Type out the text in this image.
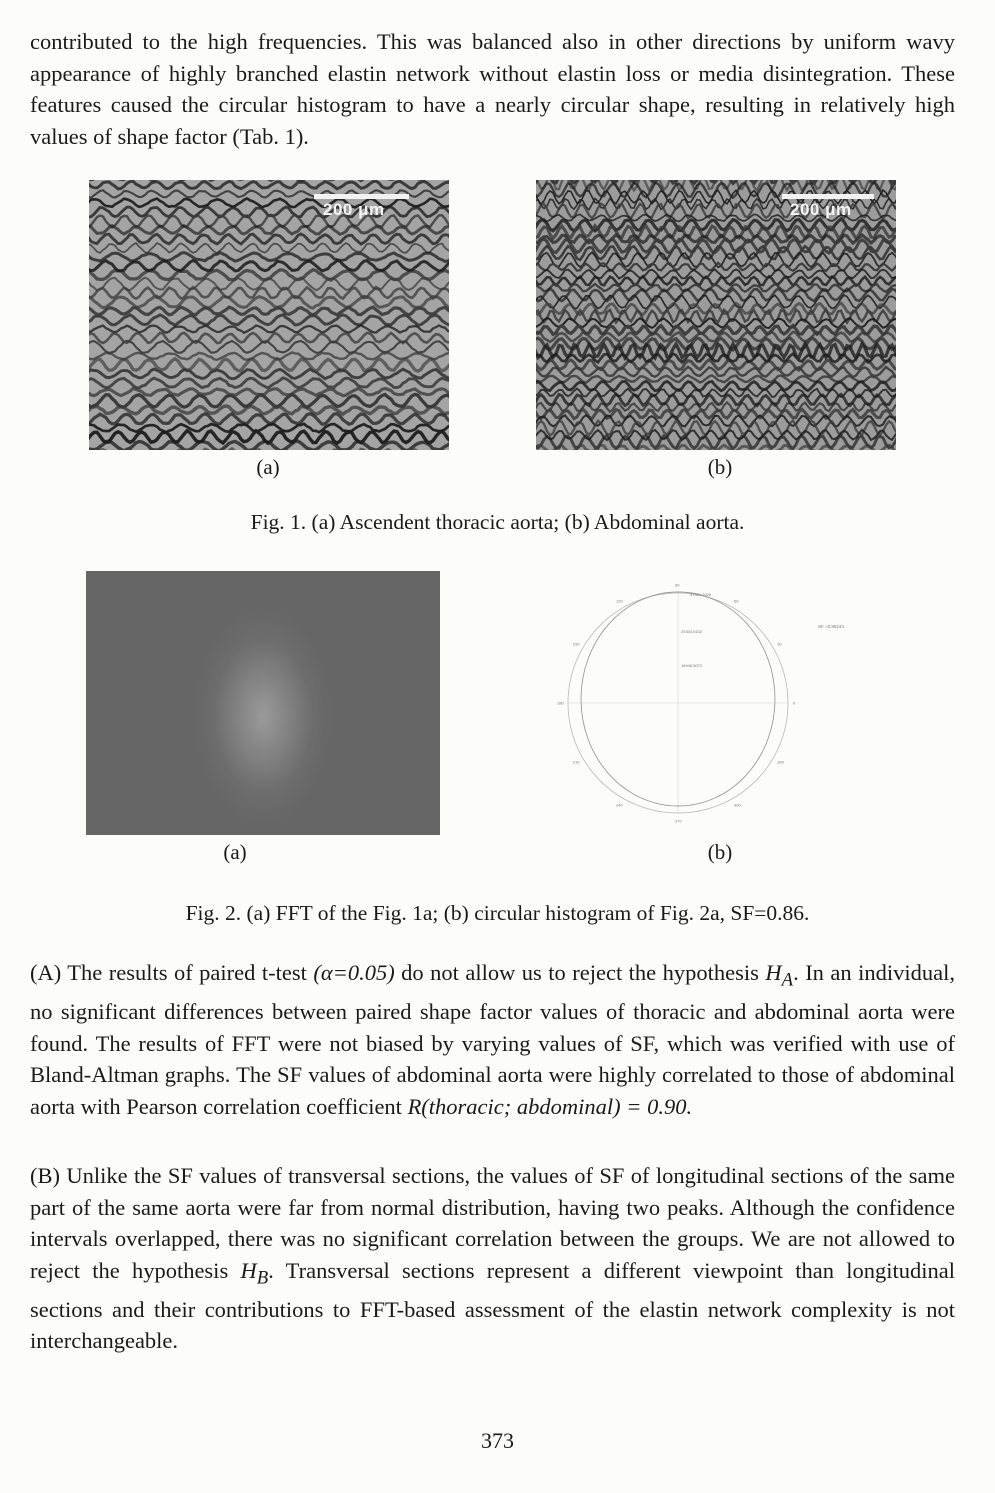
contributed to the high frequencies. This was balanced also in other directions by uniform wavy appearance of highly branched elastin network without elastin loss or media disintegration. These features caused the circular histogram to have a nearly circular shape, resulting in relatively high values of shape factor (Tab. 1).

200 μm	200 μm
(a)	(b)
Fig. 1. (a) Ascendent thoracic aorta; (b) Abdominal aorta.
90
60
30
0
330
300
270
240
210
180
150
120
25303.5102
16446.8072
37321.2026
SF =0.86244
(a)	(b)
Fig. 2. (a) FFT of the Fig. 1a; (b) circular histogram of Fig. 2a, SF=0.86.

(A) The results of paired t-test (α=0.05) do not allow us to reject the hypothesis $H_A$. In an individual, no significant differences between paired shape factor values of thoracic and abdominal aorta were found. The results of FFT were not biased by varying values of SF, which was verified with use of Bland-Altman graphs. The SF values of abdominal aorta were highly correlated to those of abdominal aorta with Pearson correlation coefficient R(thoracic; abdominal) = 0.90.

(B) Unlike the SF values of transversal sections, the values of SF of longitudinal sections of the same part of the same aorta were far from normal distribution, having two peaks. Although the confidence intervals overlapped, there was no significant correlation between the groups. We are not allowed to reject the hypothesis $H_B$. Transversal sections represent a different viewpoint than longitudinal sections and their contributions to FFT-based assessment of the elastin network complexity is not interchangeable.

373
